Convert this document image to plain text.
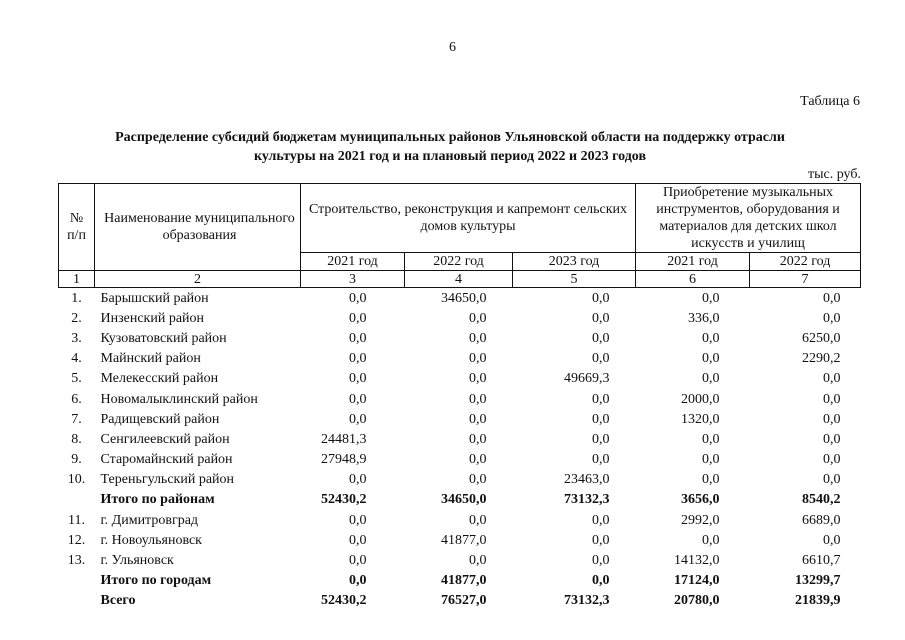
6
Таблица 6
Распределение субсидий бюджетам муниципальных районов Ульяновской области на поддержку отрасли
культуры на 2021 год и на плановый период 2022 и 2023 годов
тыс. руб.
№ п/п	Наименование муниципального образования	Строительство, реконструкция и капремонт сельских домов культуры			Приобретение музыкальных инструментов, оборудования и материалов для детских школ искусств и училищ	
		2021 год	2022 год	2023 год	2021 год	2022 год
1	2	3	4	5	6	7
1.	Барышский район	0,0	34650,0	0,0	0,0	0,0
2.	Инзенский район	0,0	0,0	0,0	336,0	0,0
3.	Кузоватовский район	0,0	0,0	0,0	0,0	6250,0
4.	Майнский район	0,0	0,0	0,0	0,0	2290,2
5.	Мелекесский район	0,0	0,0	49669,3	0,0	0,0
6.	Новомалыклинский район	0,0	0,0	0,0	2000,0	0,0
7.	Радищевский район	0,0	0,0	0,0	1320,0	0,0
8.	Сенгилеевский район	24481,3	0,0	0,0	0,0	0,0
9.	Старомайнский район	27948,9	0,0	0,0	0,0	0,0
10.	Тереньгульский район	0,0	0,0	23463,0	0,0	0,0
	Итого по районам	52430,2	34650,0	73132,3	3656,0	8540,2
11.	г. Димитровград	0,0	0,0	0,0	2992,0	6689,0
12.	г. Новоульяновск	0,0	41877,0	0,0	0,0	0,0
13.	г. Ульяновск	0,0	0,0	0,0	14132,0	6610,7
	Итого по городам	0,0	41877,0	0,0	17124,0	13299,7
	Всего	52430,2	76527,0	73132,3	20780,0	21839,9
